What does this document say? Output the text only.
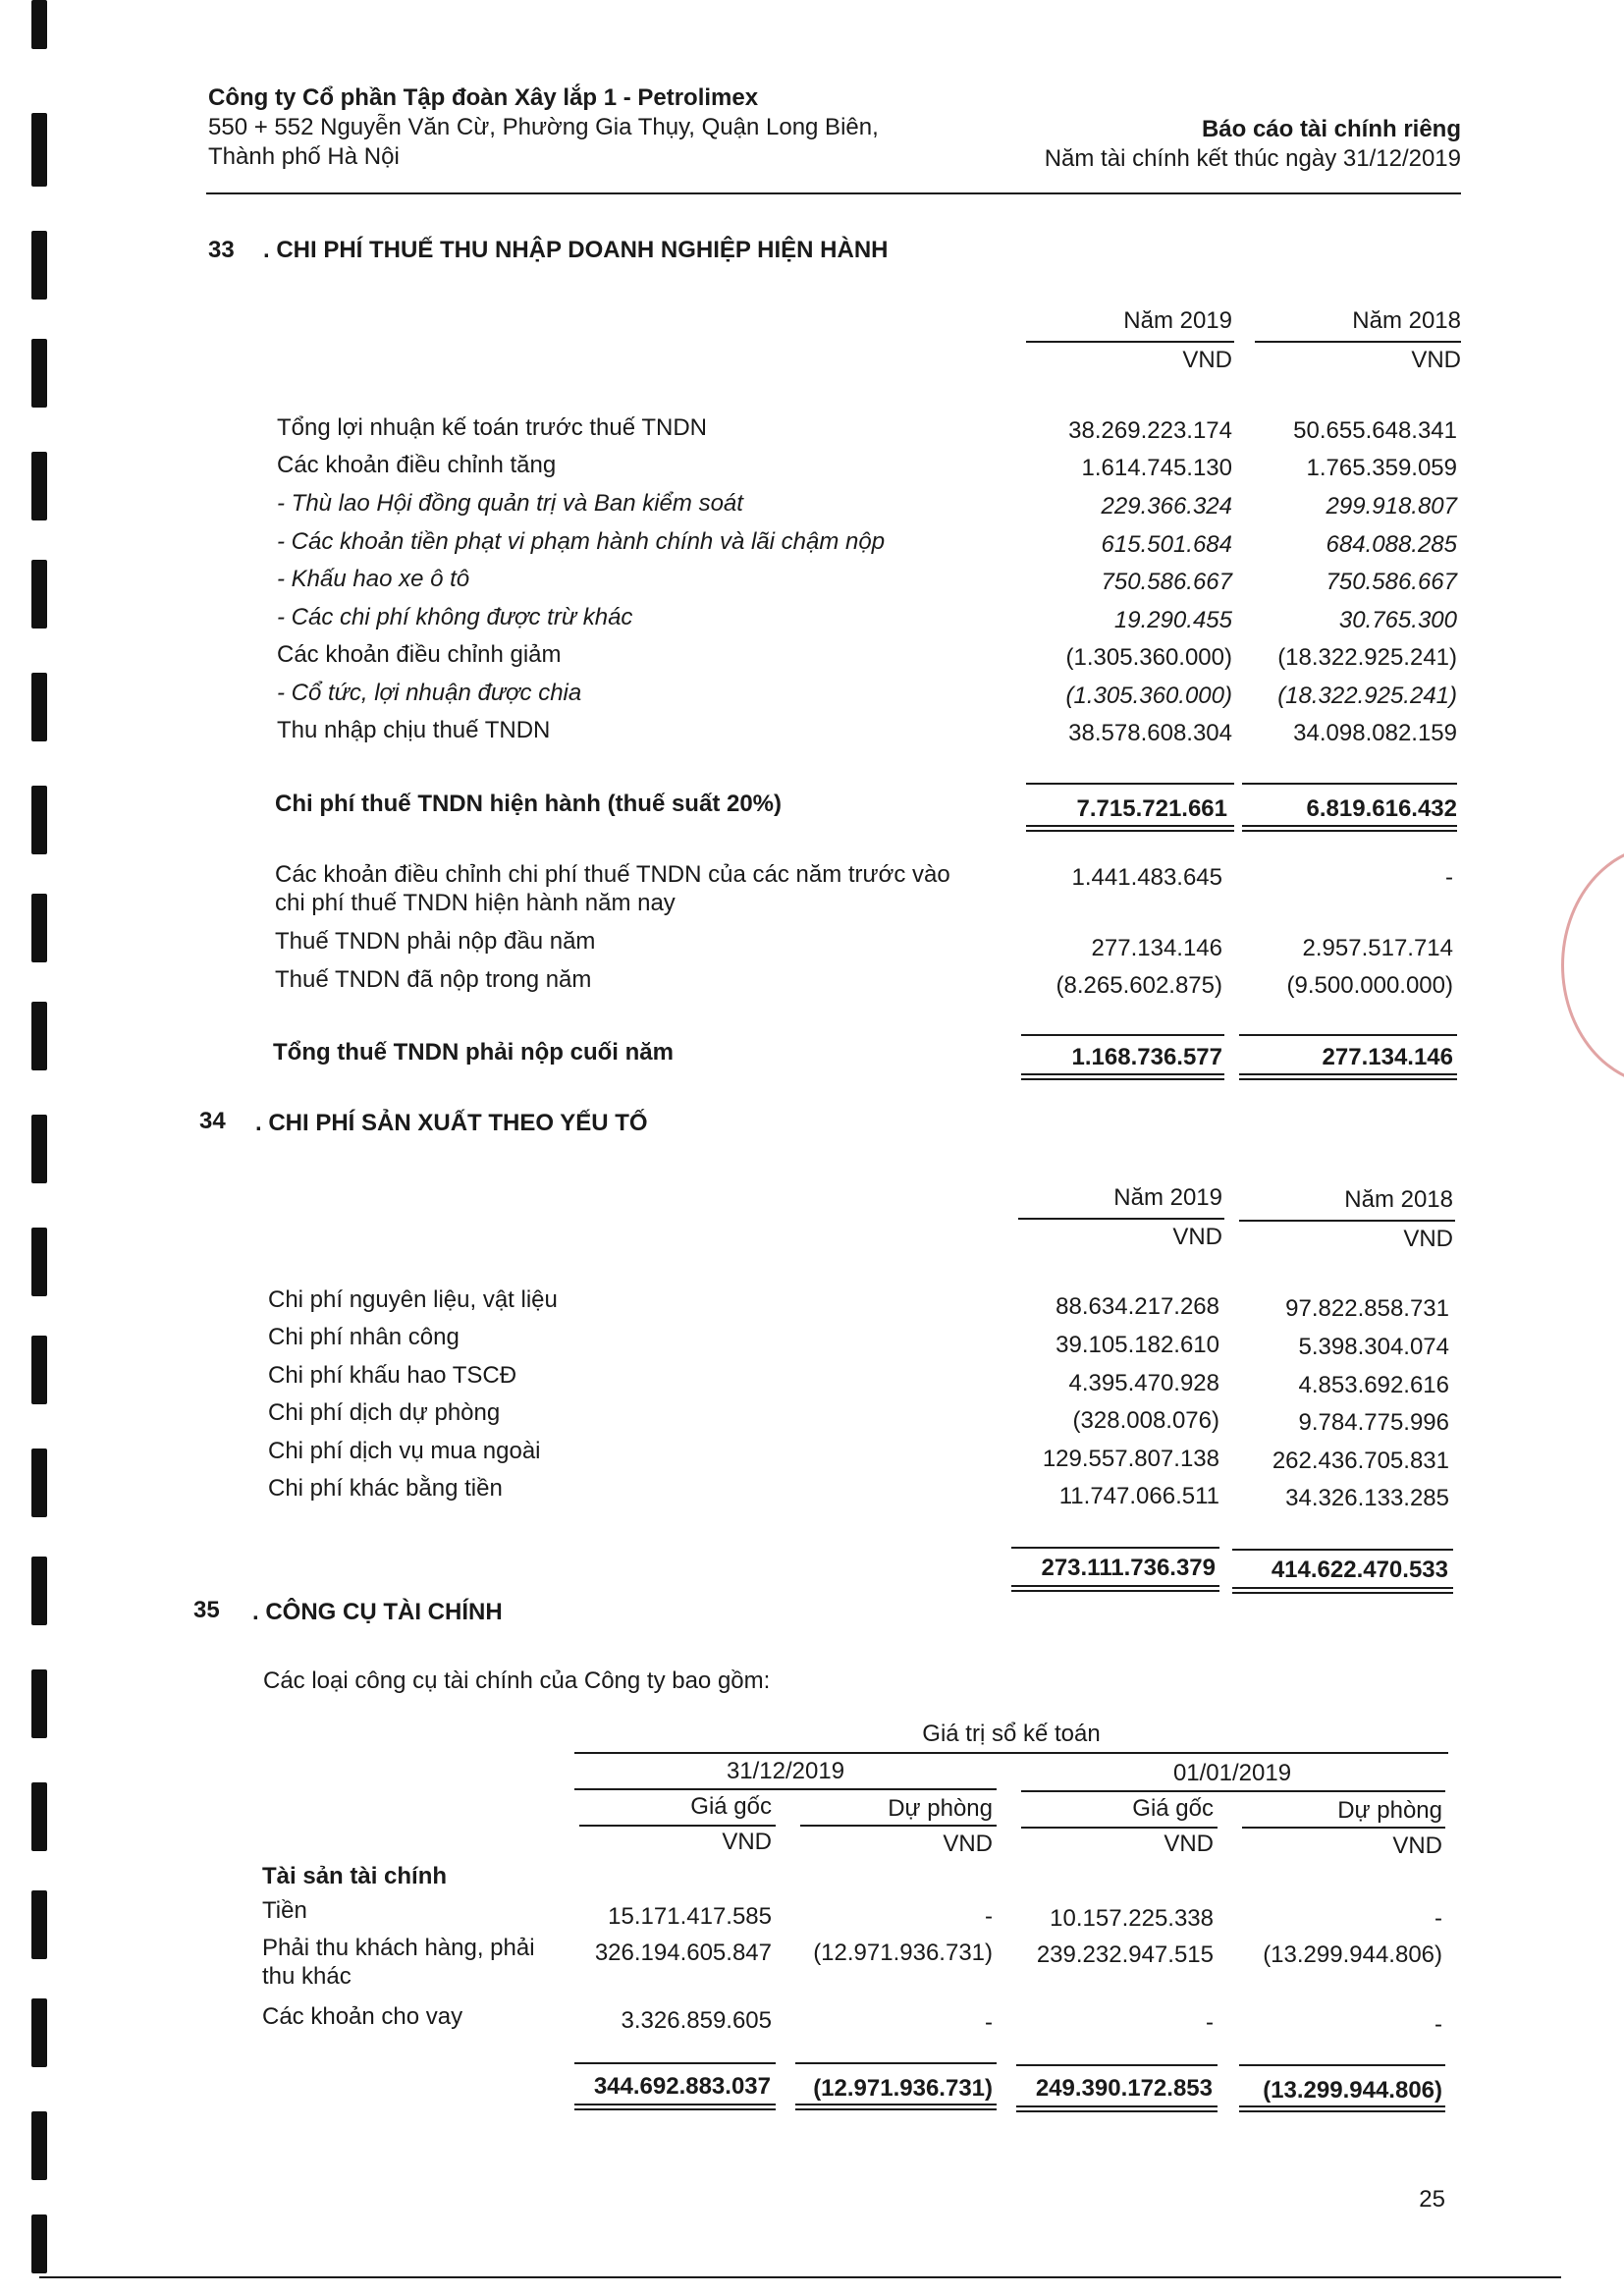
Công ty Cổ phần Tập đoàn Xây lắp 1 - Petrolimex
550 + 552 Nguyễn Văn Cừ, Phường Gia Thụy, Quận Long Biên,
Thành phố Hà Nội
Báo cáo tài chính riêng
Năm tài chính kết thúc ngày 31/12/2019
33 . CHI PHÍ THUẾ THU NHẬP DOANH NGHIỆP HIỆN HÀNH
Năm 2019	Năm 2018
VND	VND
Tổng lợi nhuận kế toán trước thuế TNDN	38.269.223.174	50.655.648.341
Các khoản điều chỉnh tăng	1.614.745.130	1.765.359.059
- Thù lao Hội đồng quản trị và Ban kiểm soát	229.366.324	299.918.807
- Các khoản tiền phạt vi phạm hành chính và lãi chậm nộp	615.501.684	684.088.285
- Khấu hao xe ô tô	750.586.667	750.586.667
- Các chi phí không được trừ khác	19.290.455	30.765.300
Các khoản điều chỉnh giảm	(1.305.360.000)	(18.322.925.241)
- Cổ tức, lợi nhuận được chia	(1.305.360.000)	(18.322.925.241)
Thu nhập chịu thuế TNDN	38.578.608.304	34.098.082.159
Chi phí thuế TNDN hiện hành (thuế suất 20%)	7.715.721.661	6.819.616.432
Các khoản điều chỉnh chi phí thuế TNDN của các năm trước vào
chi phí thuế TNDN hiện hành năm nay
1.441.483.645	-
Thuế TNDN phải nộp đầu năm	277.134.146	2.957.517.714
Thuế TNDN đã nộp trong năm	(8.265.602.875)	(9.500.000.000)
Tổng thuế TNDN phải nộp cuối năm	1.168.736.577	277.134.146
34 . CHI PHÍ SẢN XUẤT THEO YẾU TỐ
Năm 2019	Năm 2018
VND	VND
Chi phí nguyên liệu, vật liệu	88.634.217.268	97.822.858.731
Chi phí nhân công	39.105.182.610	5.398.304.074
Chi phí khấu hao TSCĐ	4.395.470.928	4.853.692.616
Chi phí dịch dự phòng	(328.008.076)	9.784.775.996
Chi phí dịch vụ mua ngoài	129.557.807.138	262.436.705.831
Chi phí khác bằng tiền	11.747.066.511	34.326.133.285
273.111.736.379	414.622.470.533
35 . CÔNG CỤ TÀI CHÍNH
Các loại công cụ tài chính của Công ty bao gồm:
Giá trị sổ kế toán
31/12/2019	01/01/2019
Giá gốc	Dự phòng	Giá gốc	Dự phòng
VND	VND	VND	VND
Tài sản tài chính
Tiền	15.171.417.585	-	10.157.225.338	-
Phải thu khách hàng, phải
thu khác
326.194.605.847	(12.971.936.731)	239.232.947.515	(13.299.944.806)
Các khoản cho vay	3.326.859.605	-	-	-
344.692.883.037	(12.971.936.731)	249.390.172.853	(13.299.944.806)
25
